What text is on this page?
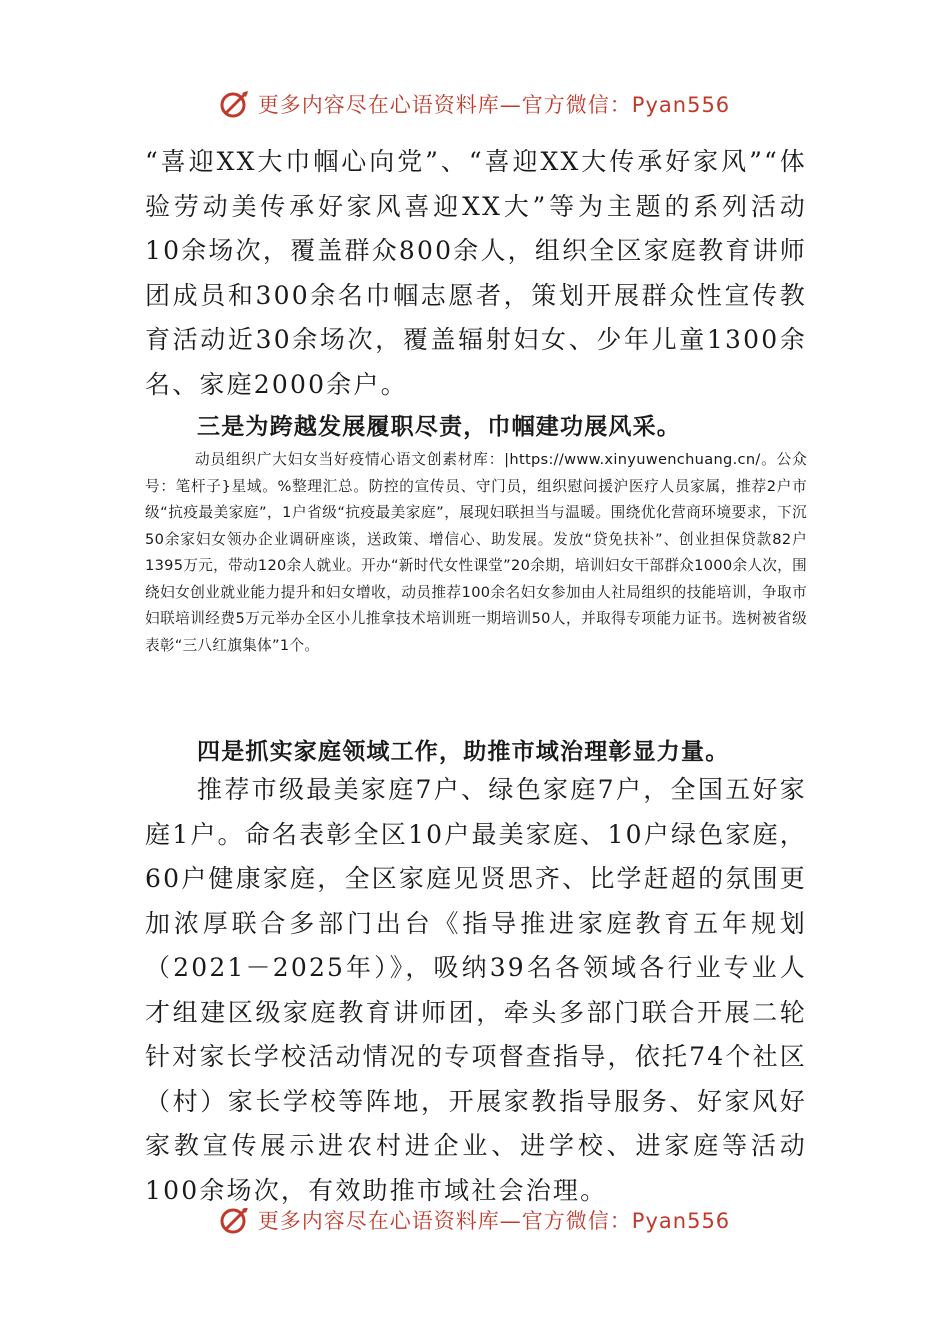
更多内容尽在心语资料库—官方微信：Pyan556

“喜迎XX大巾帼心向党”、“喜迎XX大传承好家风”“体验劳动美传承好家风喜迎XX大”等为主题的系列活动10余场次，覆盖群众800余人，组织全区家庭教育讲师团成员和300余名巾帼志愿者，策划开展群众性宣传教育活动近30余场次，覆盖辐射妇女、少年儿童1300余名、家庭2000余户。

三是为跨越发展履职尽责，巾帼建功展风采。

动员组织广大妇女当好疫情心语文创素材库：|https://www.xinyuwenchuang.cn/。公众号：笔杆子}星域。%整理汇总。防控的宣传员、守门员，组织慰问援沪医疗人员家属，推荐2户市级“抗疫最美家庭”，1户省级“抗疫最美家庭”，展现妇联担当与温暖。围绕优化营商环境要求，下沉50余家妇女领办企业调研座谈，送政策、增信心、助发展。发放“贷免扶补”、创业担保贷款82户1395万元，带动120余人就业。开办“新时代女性课堂”20余期，培训妇女干部群众1000余人次，围绕妇女创业就业能力提升和妇女增收，动员推荐100余名妇女参加由人社局组织的技能培训，争取市妇联培训经费5万元举办全区小儿推拿技术培训班一期培训50人，并取得专项能力证书。选树被省级表彰“三八红旗集体”1个。

四是抓实家庭领域工作，助推市域治理彰显力量。

推荐市级最美家庭7户、绿色家庭7户，全国五好家庭1户。命名表彰全区10户最美家庭、10户绿色家庭，60户健康家庭，全区家庭见贤思齐、比学赶超的氛围更加浓厚联合多部门出台《指导推进家庭教育五年规划（2021－2025年）》，吸纳39名各领域各行业专业人才组建区级家庭教育讲师团，牵头多部门联合开展二轮针对家长学校活动情况的专项督查指导，依托74个社区（村）家长学校等阵地，开展家教指导服务、好家风好家教宣传展示进农村进企业、进学校、进家庭等活动100余场次，有效助推市域社会治理。

更多内容尽在心语资料库—官方微信：Pyan556
